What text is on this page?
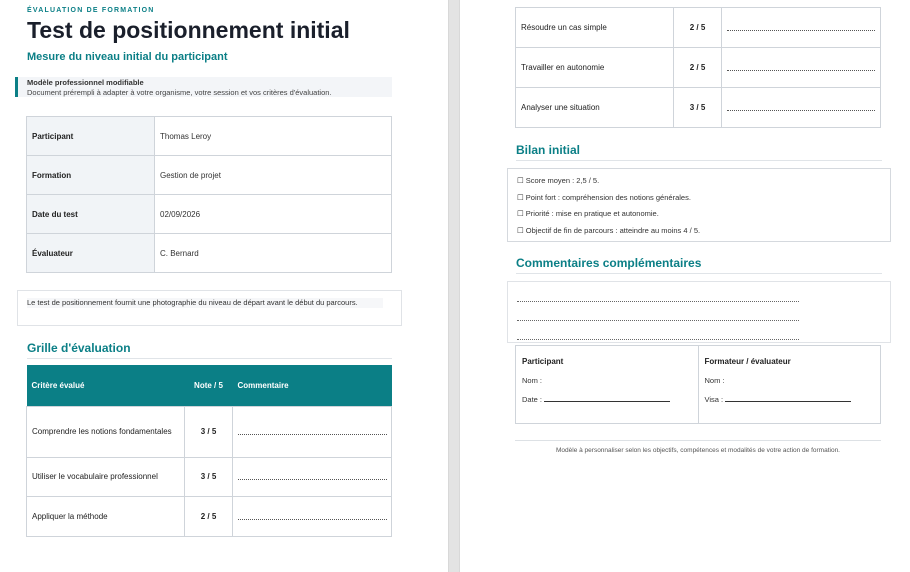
ÉVALUATION DE FORMATION
Test de positionnement initial
Mesure du niveau initial du participant
Modèle professionnel modifiable
Document prérempli à adapter à votre organisme, votre session et vos critères d'évaluation.
Participant	Thomas Leroy
Formation	Gestion de projet
Date du test	02/09/2026
Évaluateur	C. Bernard
Le test de positionnement fournit une photographie du niveau de départ avant le début du parcours.
Grille d'évaluation
Critère évalué	Note / 5	Commentaire
Comprendre les notions fondamentales	3 / 5	

Utiliser le vocabulaire professionnel	3 / 5	

Appliquer la méthode	2 / 5	
Résoudre un cas simple	2 / 5	

Travailler en autonomie	2 / 5	

Analyser une situation	3 / 5	
Bilan initial
☐ Score moyen : 2,5 / 5.
☐ Point fort : compréhension des notions générales.
☐ Priorité : mise en pratique et autonomie.
☐ Objectif de fin de parcours : atteindre au moins 4 / 5.
Commentaires complémentaires
Participant
Nom :
Date :
Formateur / évaluateur
Nom :
Visa :
Modèle à personnaliser selon les objectifs, compétences et modalités de votre action de formation.
